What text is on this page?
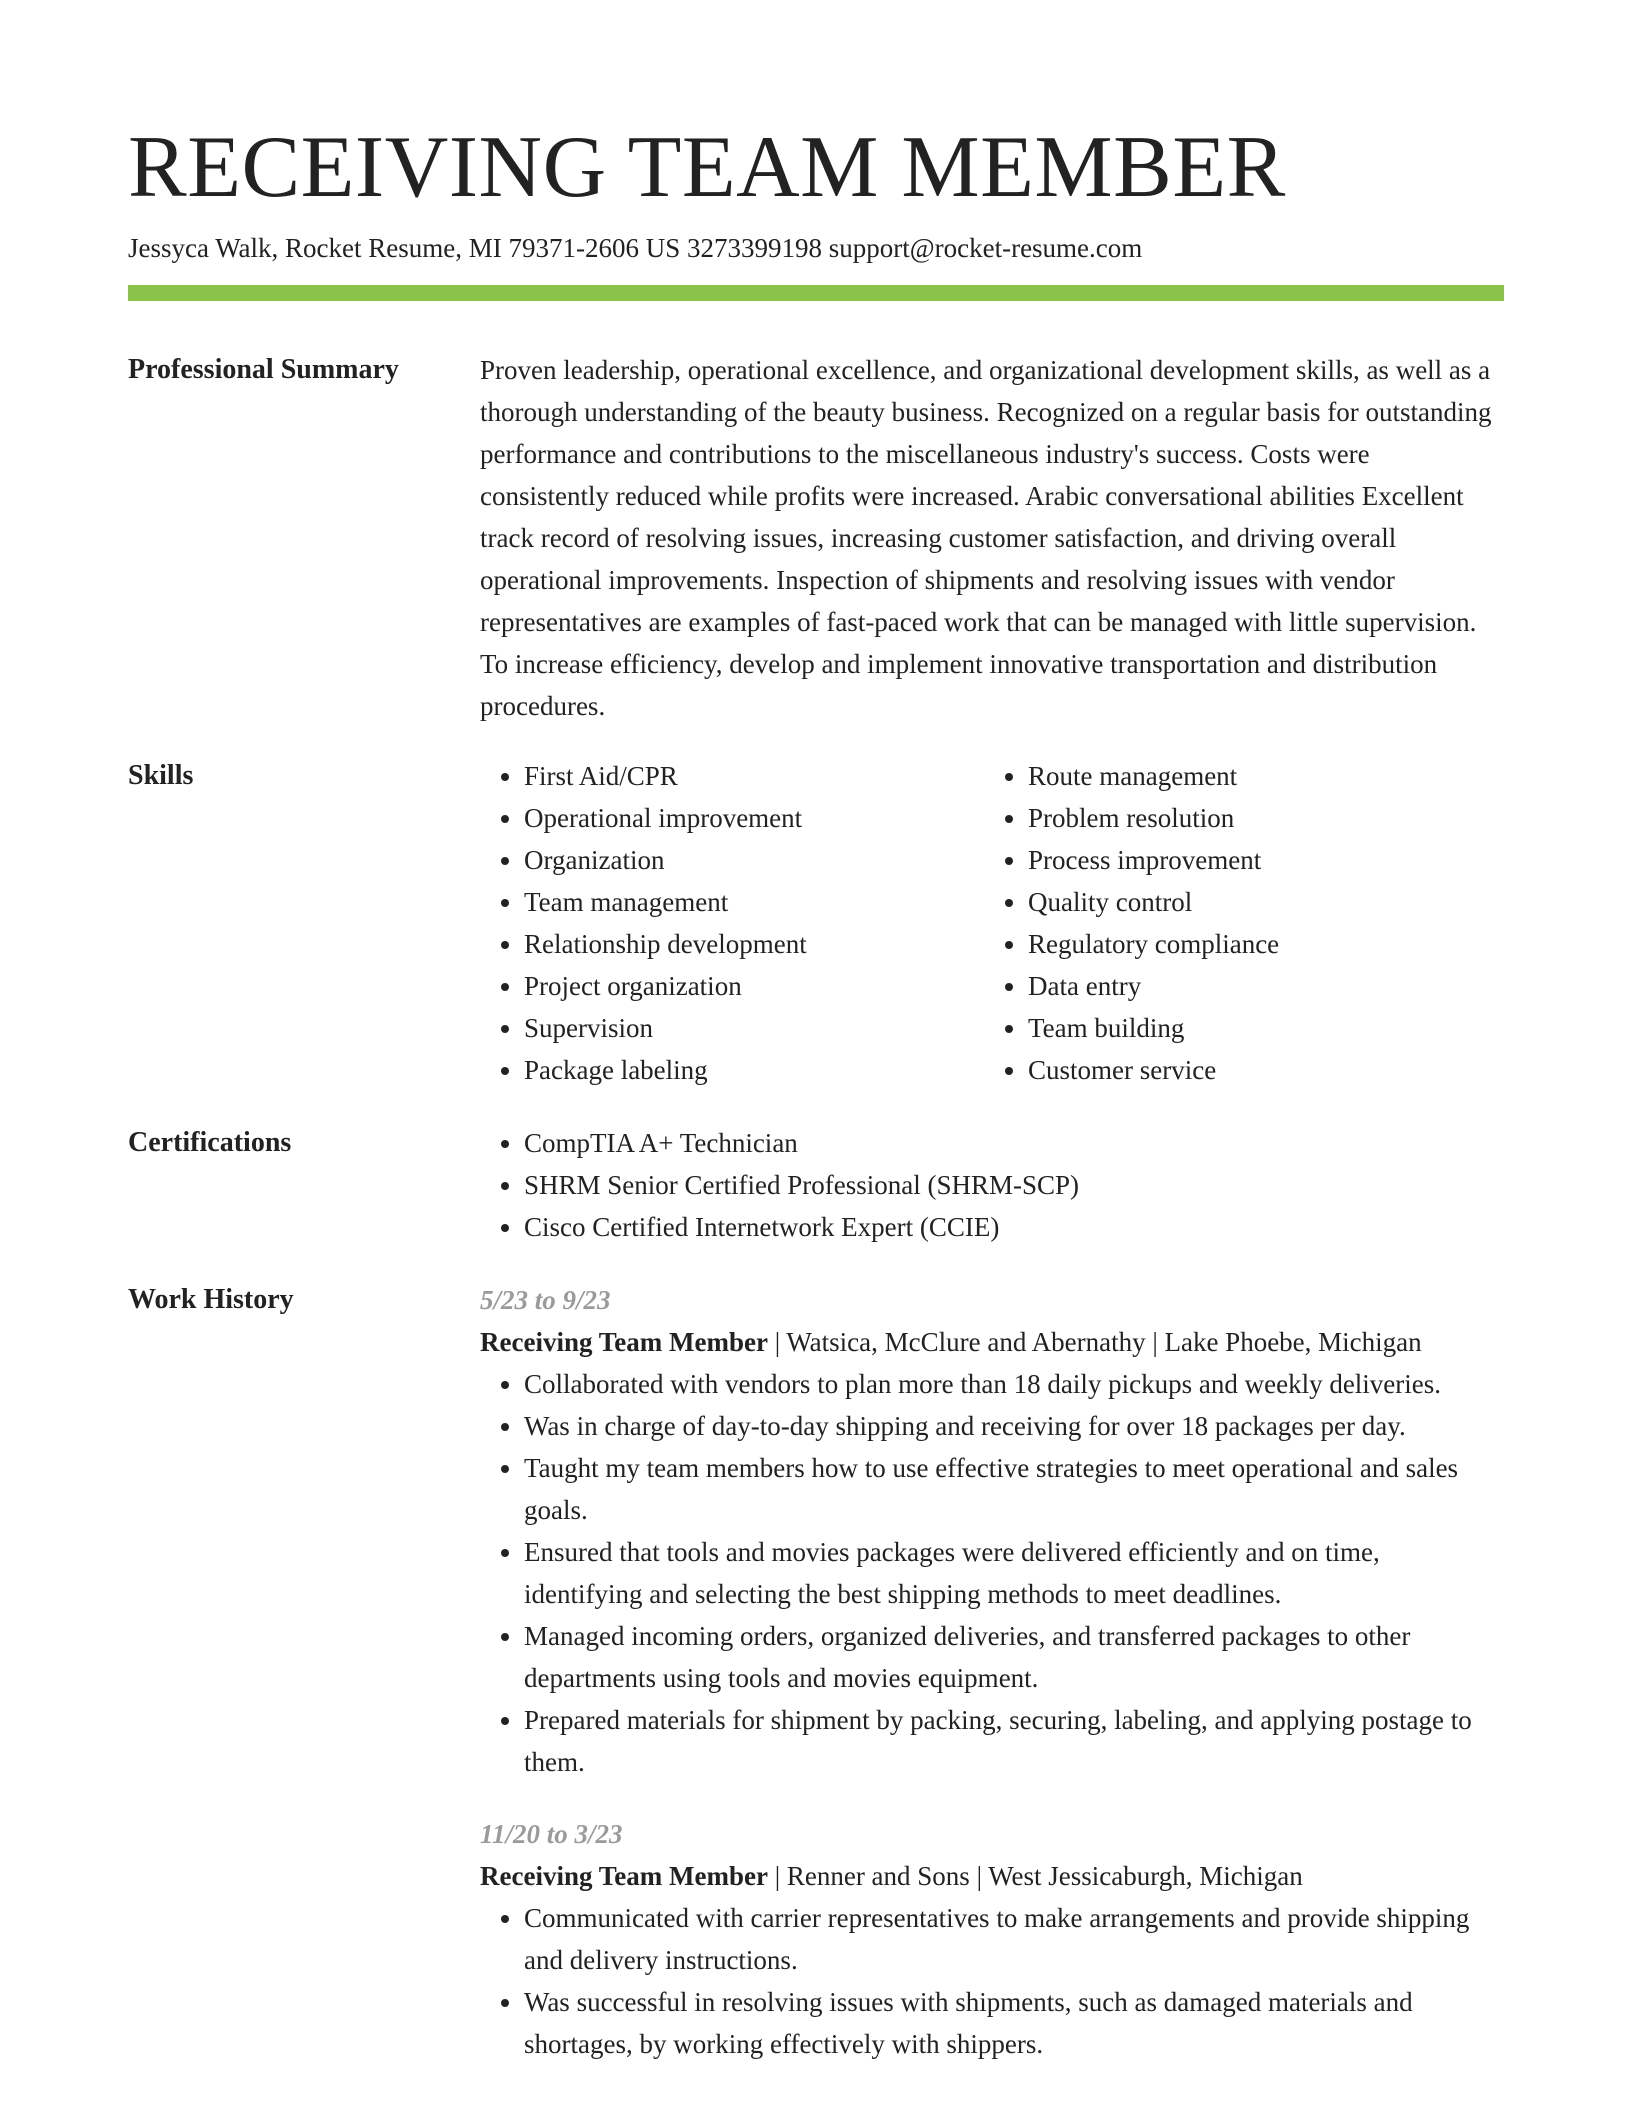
RECEIVING TEAM MEMBER
Jessyca Walk, Rocket Resume, MI 79371-2606 US 3273399198 support@rocket-resume.com
Professional Summary	Proven leadership, operational excellence, and organizational development skills, as well as a thorough understanding of the beauty business. Recognized on a regular basis for outstanding performance and contributions to the miscellaneous industry's success. Costs were consistently reduced while profits were increased. Arabic conversational abilities Excellent track record of resolving issues, increasing customer satisfaction, and driving overall operational improvements. Inspection of shipments and resolving issues with vendor representatives are examples of fast-paced work that can be managed with little supervision. To increase efficiency, develop and implement innovative transportation and distribution procedures.

Skills	• First Aid/CPR
• Operational improvement
• Organization
• Team management
• Relationship development
• Project organization
• Supervision
• Package labeling
• Route management
• Problem resolution
• Process improvement
• Quality control
• Regulatory compliance
• Data entry
• Team building
• Customer service
Certifications	• CompTIA A+ Technician
• SHRM Senior Certified Professional (SHRM-SCP)
• Cisco Certified Internetwork Expert (CCIE)
Work History	5/23 to 9/23
Receiving Team Member | Watsica, McClure and Abernathy | Lake Phoebe, Michigan
• Collaborated with vendors to plan more than 18 daily pickups and weekly deliveries.
• Was in charge of day-to-day shipping and receiving for over 18 packages per day.
• Taught my team members how to use effective strategies to meet operational and sales goals.
• Ensured that tools and movies packages were delivered efficiently and on time, identifying and selecting the best shipping methods to meet deadlines.
• Managed incoming orders, organized deliveries, and transferred packages to other departments using tools and movies equipment.
• Prepared materials for shipment by packing, securing, labeling, and applying postage to them.
11/20 to 3/23
Receiving Team Member | Renner and Sons | West Jessicaburgh, Michigan
• Communicated with carrier representatives to make arrangements and provide shipping and delivery instructions.
• Was successful in resolving issues with shipments, such as damaged materials and shortages, by working effectively with shippers.
